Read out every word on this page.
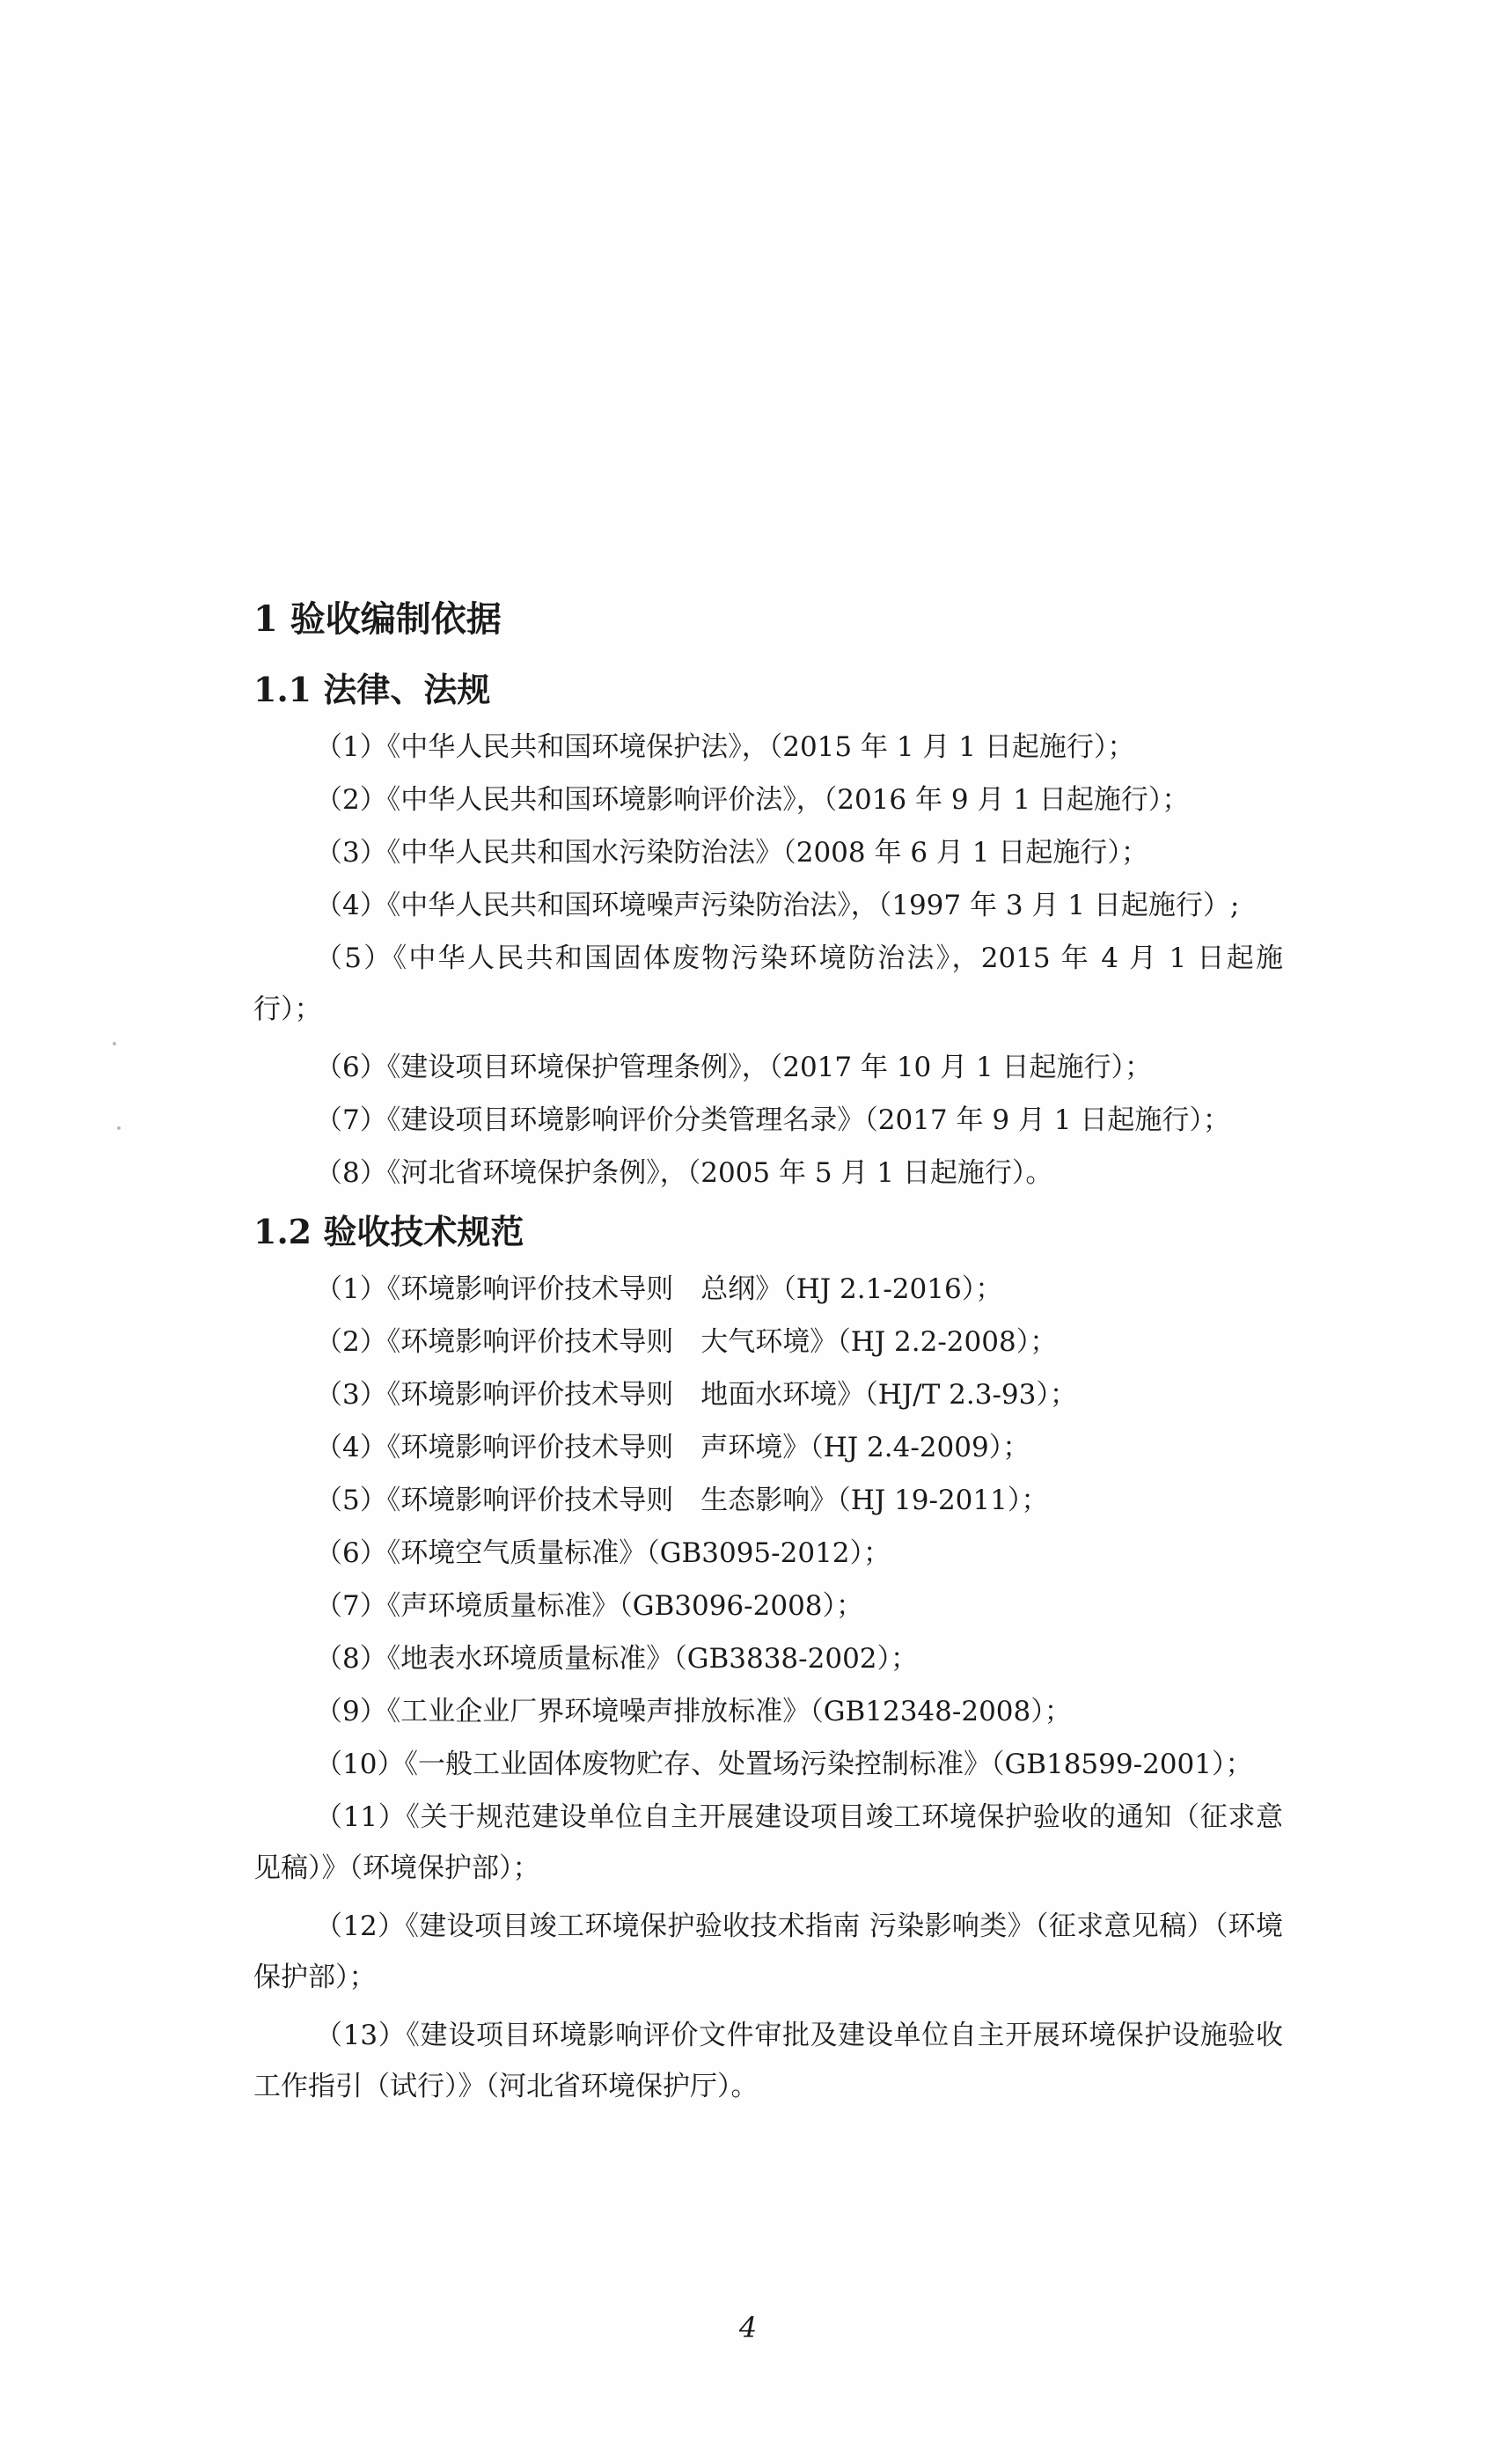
1 验收编制依据
1.1 法律、法规
（1）《中华人民共和国环境保护法》，（2015 年 1 月 1 日起施行）；
（2）《中华人民共和国环境影响评价法》，（2016 年 9 月 1 日起施行）；
（3）《中华人民共和国水污染防治法》（2008 年 6 月 1 日起施行）；
（4）《中华人民共和国环境噪声污染防治法》，（1997 年 3 月 1 日起施行）;
（5）《中华人民共和国固体废物污染环境防治法》，2015 年 4 月 1 日起施行）；
（6）《建设项目环境保护管理条例》，（2017 年 10 月 1 日起施行）；
（7）《建设项目环境影响评价分类管理名录》（2017 年 9 月 1 日起施行）；
（8）《河北省环境保护条例》，（2005 年 5 月 1 日起施行）。
1.2 验收技术规范
（1）《环境影响评价技术导则　总纲》（HJ 2.1-2016）；
（2）《环境影响评价技术导则　大气环境》（HJ 2.2-2008）；
（3）《环境影响评价技术导则　地面水环境》（HJ/T 2.3-93）；
（4）《环境影响评价技术导则　声环境》（HJ 2.4-2009）；
（5）《环境影响评价技术导则　生态影响》（HJ 19-2011）；
（6）《环境空气质量标准》（GB3095-2012）；
（7）《声环境质量标准》（GB3096-2008）；
（8）《地表水环境质量标准》（GB3838-2002）；
（9）《工业企业厂界环境噪声排放标准》（GB12348-2008）；
（10）《一般工业固体废物贮存、处置场污染控制标准》（GB18599-2001）；
（11）《关于规范建设单位自主开展建设项目竣工环境保护验收的通知（征求意见稿）》（环境保护部）；
（12）《建设项目竣工环境保护验收技术指南 污染影响类》（征求意见稿）（环境保护部）；
（13）《建设项目环境影响评价文件审批及建设单位自主开展环境保护设施验收工作指引（试行）》（河北省环境保护厅）。
4
